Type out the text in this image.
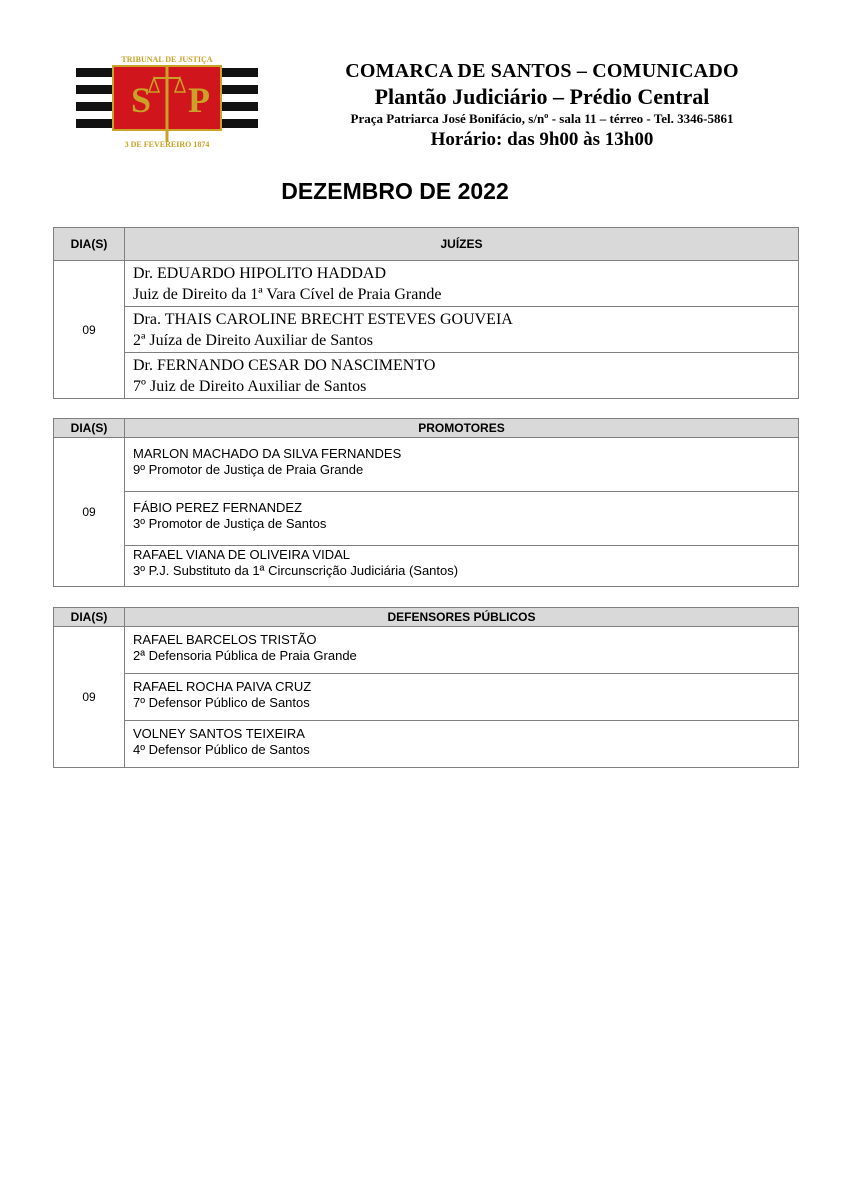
S P
TRIBUNAL DE JUSTIÇA
3 DE FEVEREIRO 1874
COMARCA DE SANTOS – COMUNICADO
Plantão Judiciário – Prédio Central
Praça Patriarca José Bonifácio, s/nº - sala 11 – térreo - Tel. 3346-5861
Horário: das 9h00 às 13h00
DEZEMBRO DE 2022
DIA(S)	JUÍZES
09	Dr. EDUARDO HIPOLITO HADDAD
Juiz de Direito da 1ª Vara Cível de Praia Grande

	Dra. THAIS CAROLINE BRECHT ESTEVES GOUVEIA
2ª Juíza de Direito Auxiliar de Santos

	Dr. FERNANDO CESAR DO NASCIMENTO
7º Juiz de Direito Auxiliar de Santos
DIA(S)	PROMOTORES
09	MARLON MACHADO DA SILVA FERNANDES
9º Promotor de Justiça de Praia Grande

	FÁBIO PEREZ FERNANDEZ
3º Promotor de Justiça de Santos

	RAFAEL VIANA DE OLIVEIRA VIDAL
3º P.J. Substituto da 1ª Circunscrição Judiciária (Santos)
DIA(S)	DEFENSORES PÚBLICOS
09	RAFAEL BARCELOS TRISTÃO
2ª Defensoria Pública de Praia Grande

	RAFAEL ROCHA PAIVA CRUZ
7º Defensor Público de Santos

	VOLNEY SANTOS TEIXEIRA
4º Defensor Público de Santos
